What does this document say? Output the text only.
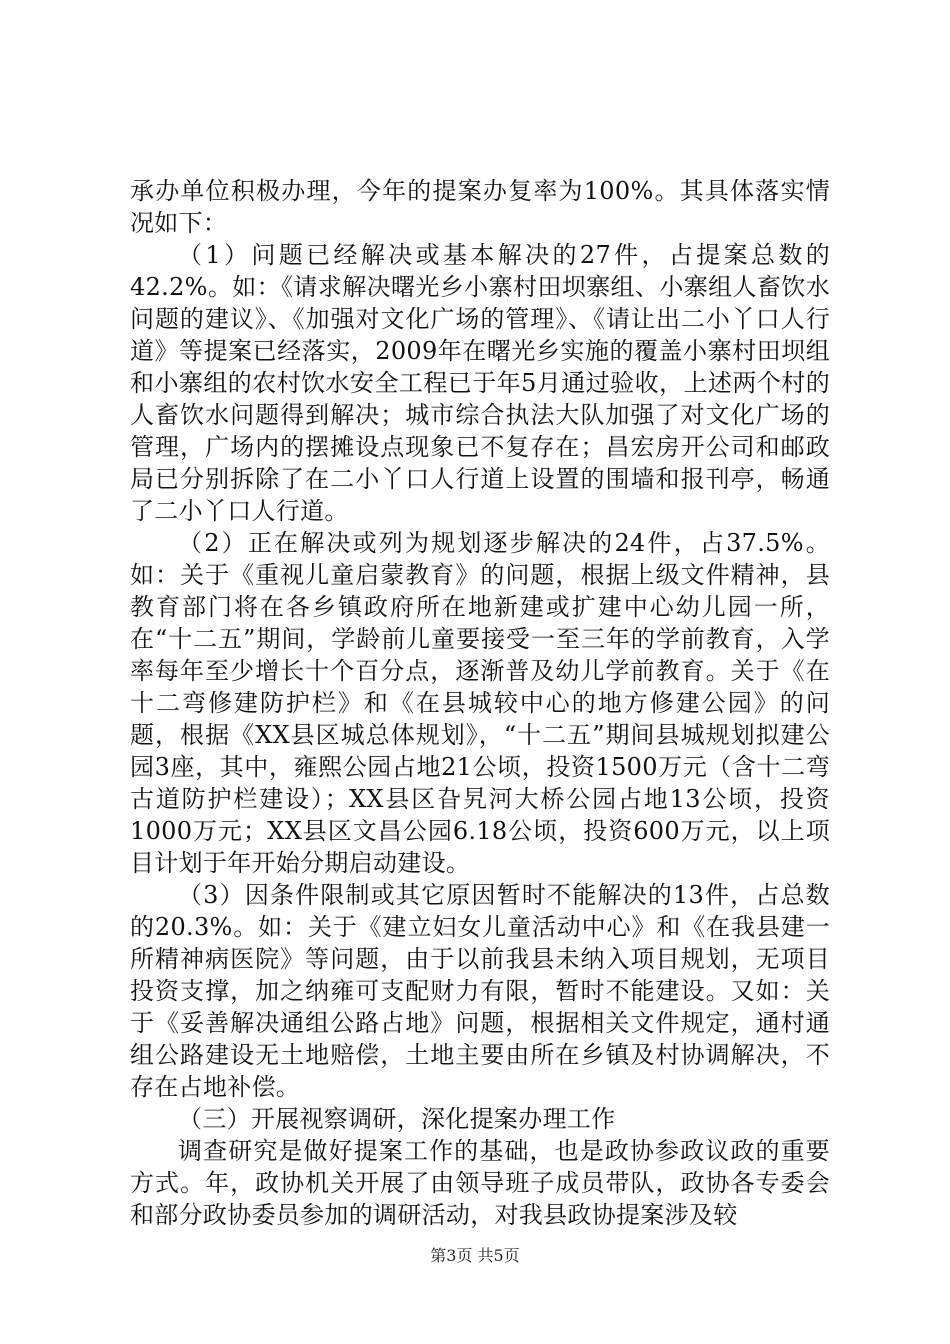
承办单位积极办理，今年的提案办复率为100%。其具体落实情况如下：

（1）问题已经解决或基本解决的27件，占提案总数的42.2%。如：《请求解决曙光乡小寨村田坝寨组、小寨组人畜饮水问题的建议》、《加强对文化广场的管理》、《请让出二小丫口人行道》等提案已经落实，2009年在曙光乡实施的覆盖小寨村田坝组和小寨组的农村饮水安全工程已于年5月通过验收，上述两个村的人畜饮水问题得到解决；城市综合执法大队加强了对文化广场的管理，广场内的摆摊设点现象已不复存在；昌宏房开公司和邮政局已分别拆除了在二小丫口人行道上设置的围墙和报刊亭，畅通了二小丫口人行道。

（2）正在解决或列为规划逐步解决的24件，占37.5%。如：关于《重视儿童启蒙教育》的问题，根据上级文件精神，县教育部门将在各乡镇政府所在地新建或扩建中心幼儿园一所，在“十二五”期间，学龄前儿童要接受一至三年的学前教育，入学率每年至少增长十个百分点，逐渐普及幼儿学前教育。关于《在十二弯修建防护栏》和《在县城较中心的地方修建公园》的问题，根据《XX县区城总体规划》，“十二五”期间县城规划拟建公园3座，其中，雍熙公园占地21公顷，投资1500万元（含十二弯古道防护栏建设）；XX县区旮旯河大桥公园占地13公顷，投资1000万元；XX县区文昌公园6.18公顷，投资600万元，以上项目计划于年开始分期启动建设。

（3）因条件限制或其它原因暂时不能解决的13件，占总数的20.3%。如：关于《建立妇女儿童活动中心》和《在我县建一所精神病医院》等问题，由于以前我县未纳入项目规划，无项目投资支撑，加之纳雍可支配财力有限，暂时不能建设。又如：关于《妥善解决通组公路占地》问题，根据相关文件规定，通村通组公路建设无土地赔偿，土地主要由所在乡镇及村协调解决，不存在占地补偿。

（三）开展视察调研，深化提案办理工作

调查研究是做好提案工作的基础，也是政协参政议政的重要方式。年，政协机关开展了由领导班子成员带队，政协各专委会和部分政协委员参加的调研活动，对我县政协提案涉及较

第3页 共5页
